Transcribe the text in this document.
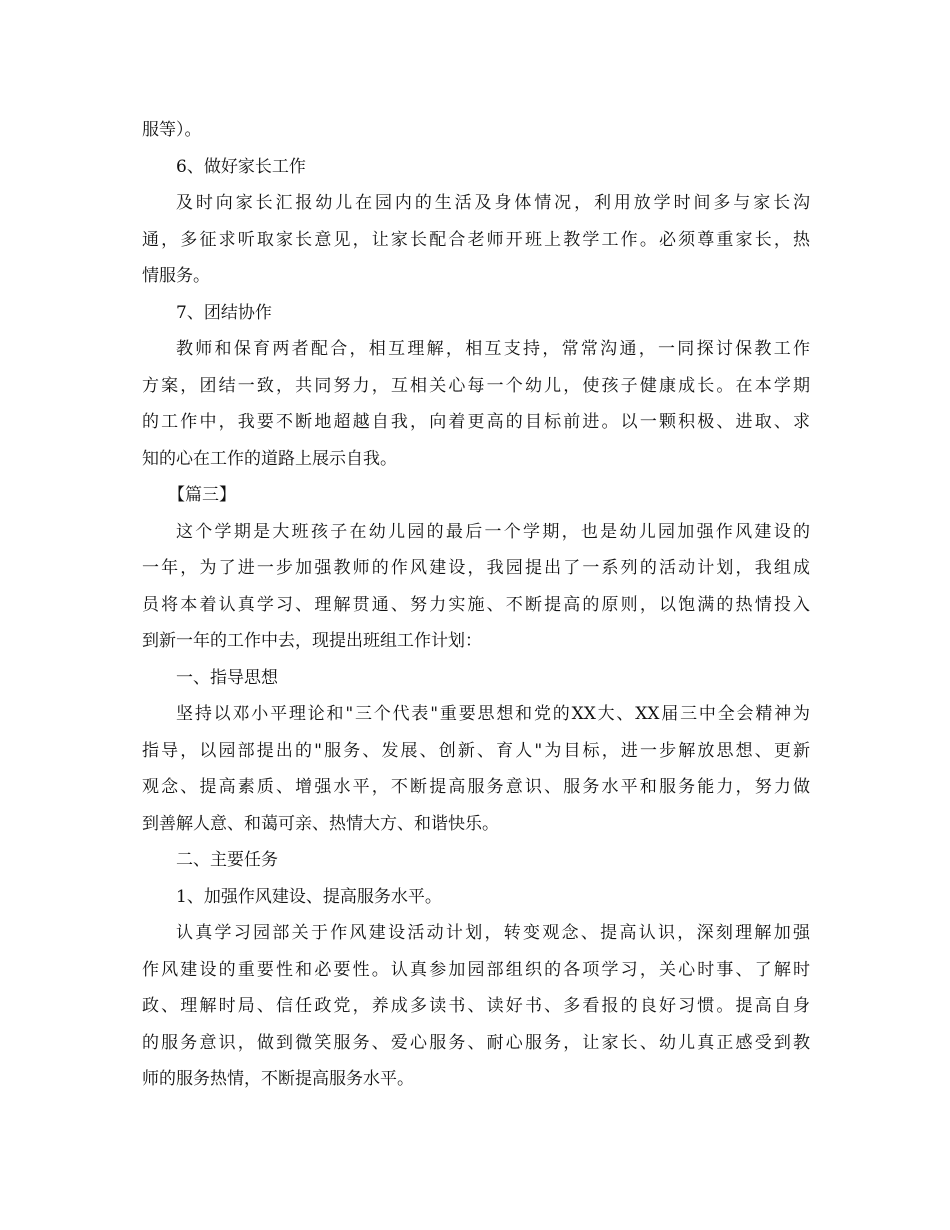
服等）。
6、做好家长工作
及时向家长汇报幼儿在园内的生活及身体情况，利用放学时间多与家长沟
通，多征求听取家长意见，让家长配合老师开班上教学工作。必须尊重家长，热
情服务。
7、团结协作
教师和保育两者配合，相互理解，相互支持，常常沟通，一同探讨保教工作
方案，团结一致，共同努力，互相关心每一个幼儿，使孩子健康成长。在本学期
的工作中，我要不断地超越自我，向着更高的目标前进。以一颗积极、进取、求
知的心在工作的道路上展示自我。
【篇三】
这个学期是大班孩子在幼儿园的最后一个学期，也是幼儿园加强作风建设的
一年，为了进一步加强教师的作风建设，我园提出了一系列的活动计划，我组成
员将本着认真学习、理解贯通、努力实施、不断提高的原则，以饱满的热情投入
到新一年的工作中去，现提出班组工作计划：
一、指导思想
坚持以邓小平理论和"三个代表"重要思想和党的XX大、XX届三中全会精神为
指导，以园部提出的"服务、发展、创新、育人"为目标，进一步解放思想、更新
观念、提高素质、增强水平，不断提高服务意识、服务水平和服务能力，努力做
到善解人意、和蔼可亲、热情大方、和谐快乐。
二、主要任务
1、加强作风建设、提高服务水平。
认真学习园部关于作风建设活动计划，转变观念、提高认识，深刻理解加强
作风建设的重要性和必要性。认真参加园部组织的各项学习，关心时事、了解时
政、理解时局、信任政党，养成多读书、读好书、多看报的良好习惯。提高自身
的服务意识，做到微笑服务、爱心服务、耐心服务，让家长、幼儿真正感受到教
师的服务热情，不断提高服务水平。
